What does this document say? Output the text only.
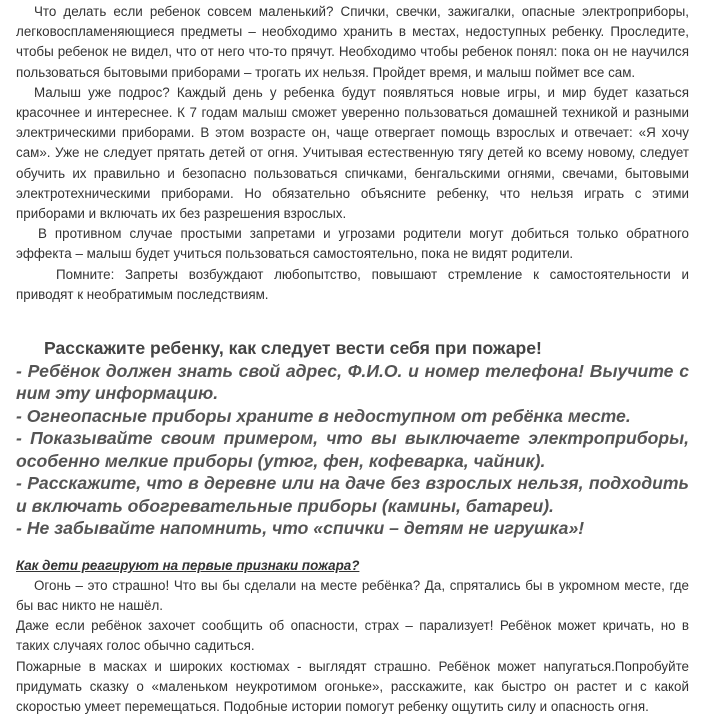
Что делать если ребенок совсем маленький? Спички, свечки, зажигалки, опасные электроприборы, легковоспламеняющиеся предметы – необходимо хранить в местах, недоступных ребенку. Проследите, чтобы ребенок не видел, что от него что-то прячут. Необходимо чтобы ребенок понял: пока он не научился пользоваться бытовыми приборами – трогать их нельзя. Пройдет время, и малыш поймет все сам.

Малыш уже подрос? Каждый день у ребенка будут появляться новые игры, и мир будет казаться красочнее и интереснее. К 7 годам малыш сможет уверенно пользоваться домашней техникой и разными электрическими приборами. В этом возрасте он, чаще отвергает помощь взрослых и отвечает: «Я хочу сам». Уже не следует прятать детей от огня. Учитывая естественную тягу детей ко всему новому, следует обучить их правильно и безопасно пользоваться спичками, бенгальскими огнями, свечами, бытовыми электротехническими приборами. Но обязательно объясните ребенку, что нельзя играть с этими приборами и включать их без разрешения взрослых.

В противном случае простыми запретами и угрозами родители могут добиться только обратного эффекта – малыш будет учиться пользоваться самостоятельно, пока не видят родители.

Помните: Запреты возбуждают любопытство, повышают стремление к самостоятельности и приводят к необратимым последствиям.

Расскажите ребенку, как следует вести себя при пожаре!

- Ребёнок должен знать свой адрес, Ф.И.О. и номер телефона! Выучите с ним эту информацию.

- Огнеопасные приборы храните в недоступном от ребёнка месте.

- Показывайте своим примером, что вы выключаете электроприборы, особенно мелкие приборы (утюг, фен, кофеварка, чайник).

- Расскажите, что в деревне или на даче без взрослых нельзя, подходить и включать обогревательные приборы (камины, батареи).

- Не забывайте напомнить, что «спички – детям не игрушка»!

Как дети реагируют на первые признаки пожара?

Огонь – это страшно! Что вы бы сделали на месте ребёнка? Да, спрятались бы в укромном месте, где бы вас никто не нашёл.

Даже если ребёнок захочет сообщить об опасности, страх – парализует! Ребёнок может кричать, но в таких случаях голос обычно садиться.

Пожарные в масках и широких костюмах - выглядят страшно. Ребёнок может напугаться.Попробуйте придумать сказку о «маленьком неукротимом огоньке», расскажите, как быстро он растет и с какой скоростью умеет перемещаться. Подобные истории помогут ребенку ощутить силу и опасность огня.
